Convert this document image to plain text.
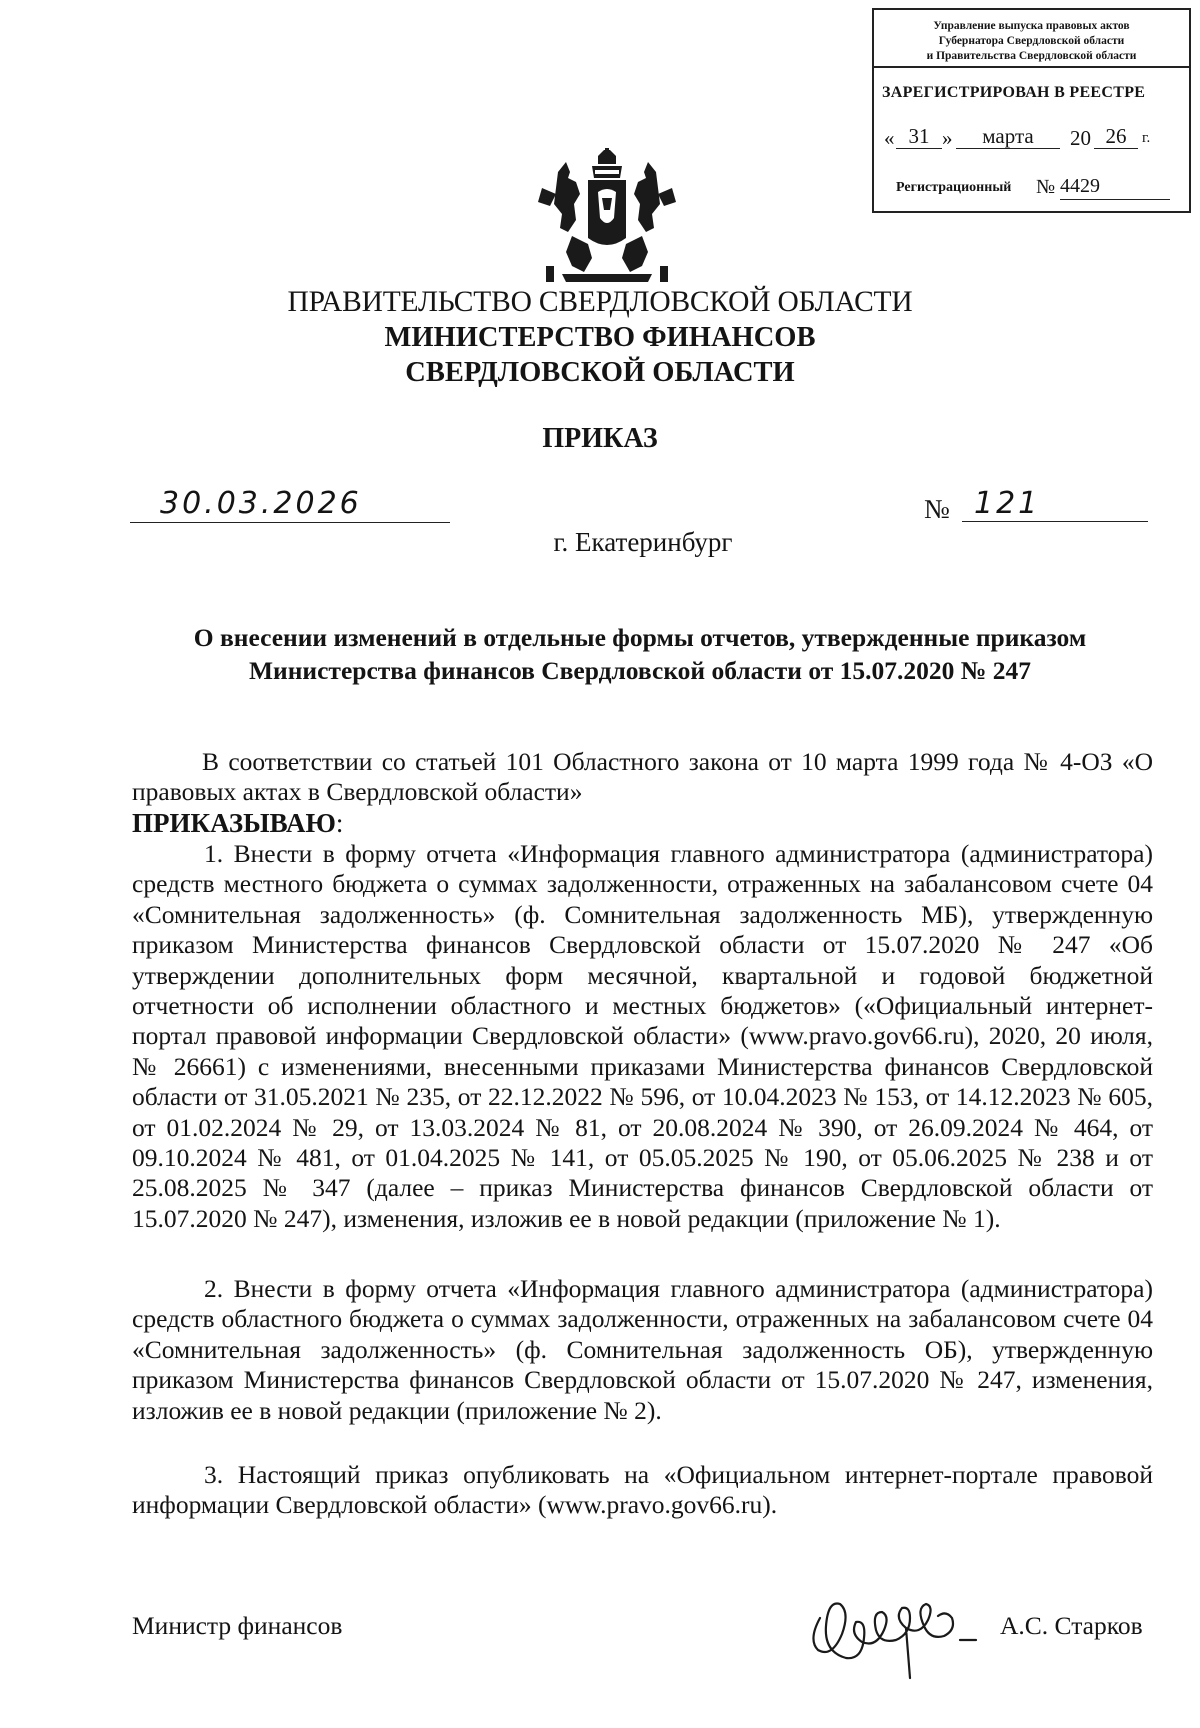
Управление выпуска правовых актов
Губернатора Свердловской области
и Правительства Свердловской области
ЗАРЕГИСТРИРОВАН В РЕЕСТРЕ
« 31 »	марта	20 26	г.
Регистрационный № 4429
ПРАВИТЕЛЬСТВО СВЕРДЛОВСКОЙ ОБЛАСТИ
МИНИСТЕРСТВО ФИНАНСОВ
СВЕРДЛОВСКОЙ ОБЛАСТИ
ПРИКАЗ
30.03.2026	№ 121
г. Екатеринбург
О внесении изменений в отдельные формы отчетов, утвержденные приказом
Министерства финансов Свердловской области от 15.07.2020 № 247

В соответствии со статьей 101 Областного закона от 10 марта 1999 года № 4-ОЗ «О правовых актах в Свердловской области»

ПРИКАЗЫВАЮ:

1. Внести в форму отчета «Информация главного администратора (администратора) средств местного бюджета о суммах задолженности, отраженных на забалансовом счете 04 «Сомнительная задолженность» (ф. Сомнительная задолженность МБ), утвержденную приказом Министерства финансов Свердловской области от 15.07.2020 № 247 «Об утверждении дополнительных форм месячной, квартальной и годовой бюджетной отчетности об исполнении областного и местных бюджетов» («Официальный интернет-портал правовой информации Свердловской области» (www.pravo.gov66.ru), 2020, 20 июля, № 26661) с изменениями, внесенными приказами Министерства финансов Свердловской области от 31.05.2021 № 235, от 22.12.2022 № 596, от 10.04.2023 № 153, от 14.12.2023 № 605, от 01.02.2024 № 29, от 13.03.2024 № 81, от 20.08.2024 № 390, от 26.09.2024 № 464, от 09.10.2024 № 481, от 01.04.2025 № 141, от 05.05.2025 № 190, от 05.06.2025 № 238 и от 25.08.2025 № 347 (далее – приказ Министерства финансов Свердловской области от 15.07.2020 № 247), изменения, изложив ее в новой редакции (приложение № 1).

2. Внести в форму отчета «Информация главного администратора (администратора) средств областного бюджета о суммах задолженности, отраженных на забалансовом счете 04 «Сомнительная задолженность» (ф. Сомнительная задолженность ОБ), утвержденную приказом Министерства финансов Свердловской области от 15.07.2020 № 247, изменения, изложив ее в новой редакции (приложение № 2).

3. Настоящий приказ опубликовать на «Официальном интернет-портале правовой информации Свердловской области» (www.pravo.gov66.ru).

Министр финансов	А.С. Старков
